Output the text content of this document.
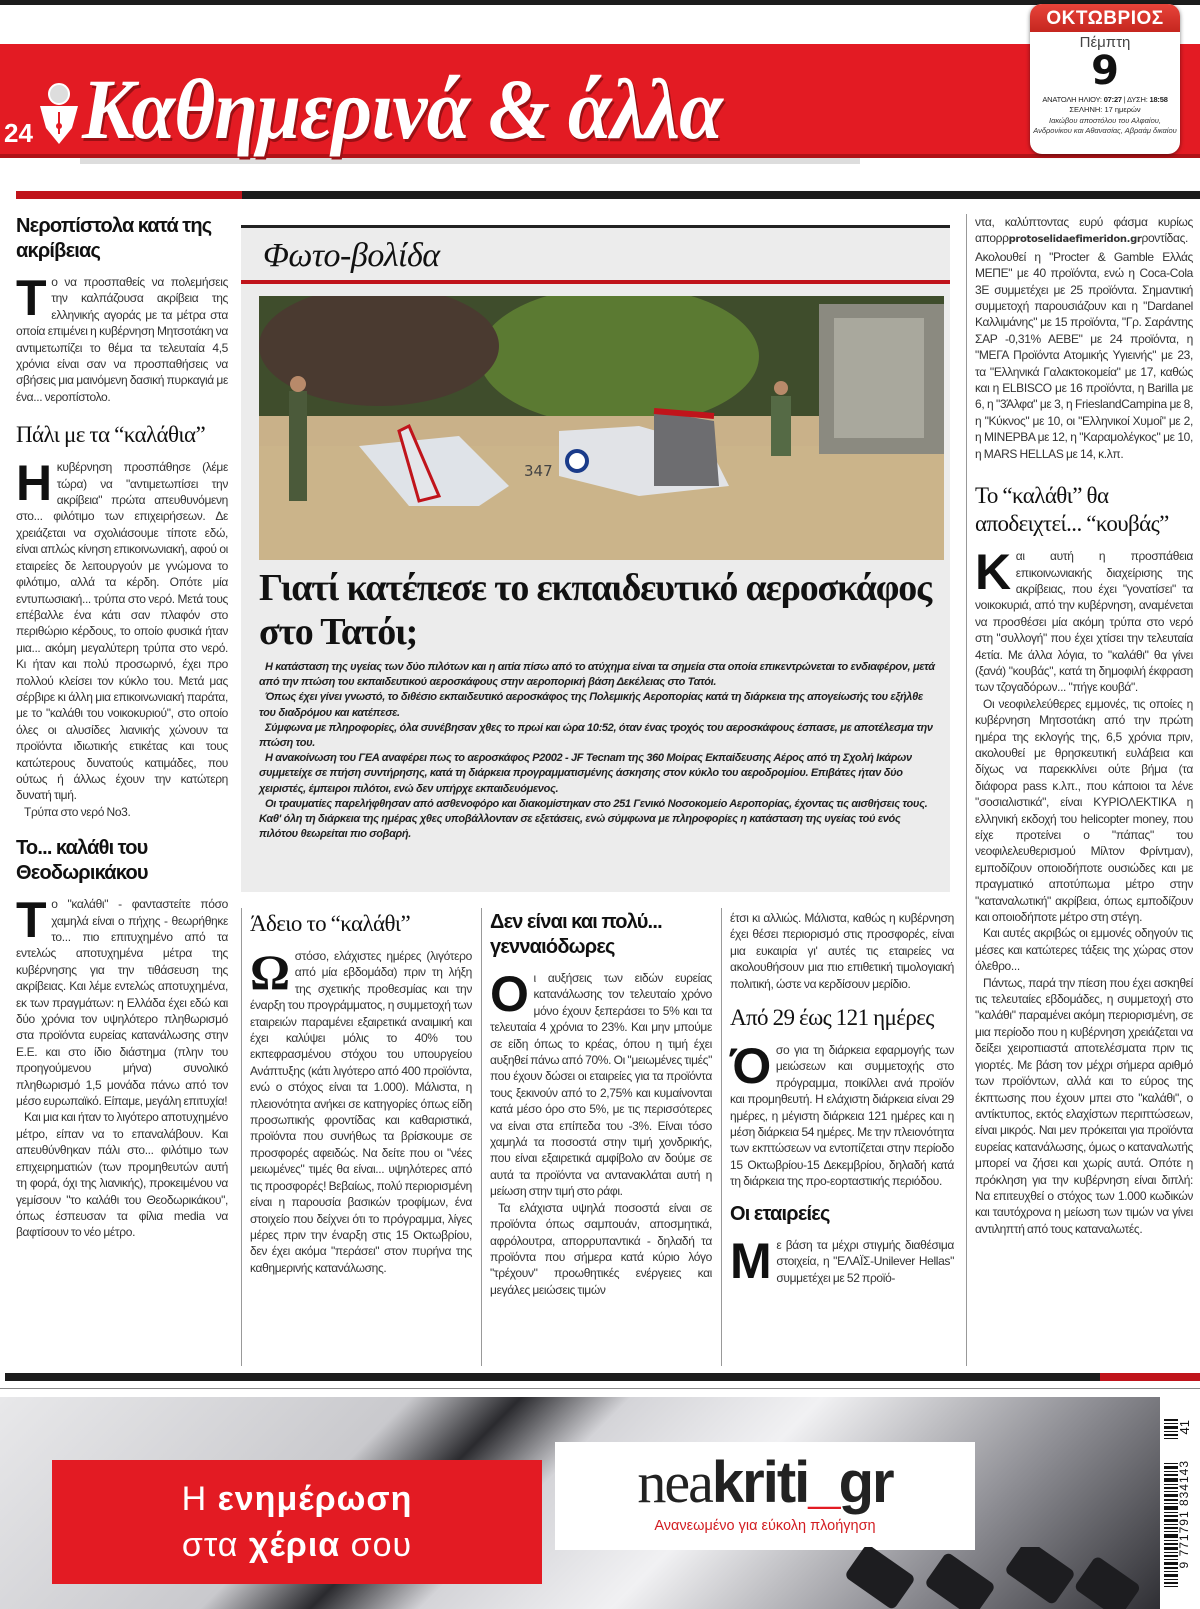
24 Καθημερινά & άλλα
ΟΚΤΩΒΡΙΟΣ
Πέμπτη
9
ΑΝΑΤΟΛΗ ΗΛΙΟΥ: 07:27 | ΔΥΣΗ: 18:58
ΣΕΛΗΝΗ: 17 ημερών
Ιακώβου αποστόλου του Αλφαίου, Ανδρονίκου και Αθανασίας, Αβραάμ δικαίου
Νεροπίστολα κατά της ακρίβειας

Το να προσπαθείς να πολεμήσεις την καλπάζουσα ακρίβεια της ελληνικής αγοράς με τα μέτρα στα οποία επιμένει η κυβέρνηση Μητσοτάκη να αντιμετωπίζει το θέμα τα τελευταία 4,5 χρόνια είναι σαν να προσπαθήσεις να σβήσεις μια μαινόμενη δασική πυρκαγιά με ένα... νεροπίστολο.

Πάλι με τα “καλάθια”

Ηκυβέρνηση προσπάθησε (λέμε τώρα) να "αντιμετωπίσει την ακρίβεια" πρώτα απευθυνόμενη στο... φιλότιμο των επιχειρήσεων. Δε χρειάζεται να σχολιάσουμε τίποτε εδώ, είναι απλώς κίνηση επικοινωνιακή, αφού οι εταιρείες δε λειτουργούν με γνώμονα το φιλότιμο, αλλά τα κέρδη. Οπότε μία εντυπωσιακή... τρύπα στο νερό. Μετά τους επέβαλλε ένα κάτι σαν πλαφόν στο περιθώριο κέρδους, το οποίο φυσικά ήταν μια... ακόμη μεγαλύτερη τρύπα στο νερό. Κι ήταν και πολύ προσωρινό, έχει προ πολλού κλείσει τον κύκλο του. Μετά μας σέρβιρε κι άλλη μια επικοινωνιακή παράτα, με το "καλάθι του νοικοκυριού", στο οποίο όλες οι αλυσίδες λιανικής χώνουν τα προϊόντα ιδιωτικής ετικέτας και τους κατώτερους δυνατούς κατιμάδες, που ούτως ή άλλως έχουν την κατώτερη δυνατή τιμή.

Τρύπα στο νερό Νο3.

Το... καλάθι του Θεοδωρικάκου

Το "καλάθι" - φανταστείτε πόσο χαμηλά είναι ο πήχης - θεωρήθηκε το... πιο επιτυχημένο από τα εντελώς αποτυχημένα μέτρα της κυβέρνησης για την τιθάσευση της ακρίβειας. Και λέμε εντελώς αποτυχημένα, εκ των πραγμάτων: η Ελλάδα έχει εδώ και δύο χρόνια τον υψηλότερο πληθωρισμό στα προϊόντα ευρείας κατανάλωσης στην Ε.Ε. και στο ίδιο διάστημα (πλην του προηγούμενου μήνα) συνολικό πληθωρισμό 1,5 μονάδα πάνω από τον μέσο ευρωπαϊκό. Είπαμε, μεγάλη επιτυχία!

Και μια και ήταν το λιγότερο αποτυχημένο μέτρο, είπαν να το επαναλάβουν. Και απευθύνθηκαν πάλι στο... φιλότιμο των επιχειρηματιών (των προμηθευτών αυτή τη φορά, όχι της λιανικής), προκειμένου να γεμίσουν "το καλάθι του Θεοδωρικάκου", όπως έσπευσαν τα φίλια media να βαφτίσουν το νέο μέτρο.

Φωτο-βολίδα
347
Γιατί κατέπεσε το εκπαιδευτικό αεροσκάφος στο Τατόι;

Η κατάσταση της υγείας των δύο πιλότων και η αιτία πίσω από το ατύχημα είναι τα σημεία στα οποία επικεντρώνεται το ενδιαφέρον, μετά από την πτώση του εκπαιδευτικού αεροσκάφους στην αεροπορική βάση Δεκέλειας στο Τατόι.

Όπως έχει γίνει γνωστό, το διθέσιο εκπαιδευτικό αεροσκάφος της Πολεμικής Αεροπορίας κατά τη διάρκεια της απογείωσής του εξήλθε του διαδρόμου και κατέπεσε.

Σύμφωνα με πληροφορίες, όλα συνέβησαν χθες το πρωί και ώρα 10:52, όταν ένας τροχός του αεροσκάφους έσπασε, με αποτέλεσμα την πτώση του.

Η ανακοίνωση του ΓΕΑ αναφέρει πως το αεροσκάφος P2002 - JF Tecnam της 360 Μοίρας Εκπαίδευσης Αέρος από τη Σχολή Ικάρων συμμετείχε σε πτήση συντήρησης, κατά τη διάρκεια προγραμματισμένης άσκησης στον κύκλο του αεροδρομίου. Επιβάτες ήταν δύο χειριστές, έμπειροι πιλότοι, ενώ δεν υπήρχε εκπαιδευόμενος.

Οι τραυματίες παρελήφθησαν από ασθενοφόρο και διακομίστηκαν στο 251 Γενικό Νοσοκομείο Αεροπορίας, έχοντας τις αισθήσεις τους. Καθ' όλη τη διάρκεια της ημέρας χθες υποβάλλονταν σε εξετάσεις, ενώ σύμφωνα με πληροφορίες η κατάσταση της υγείας τού ενός πιλότου θεωρείται πιο σοβαρή.

Άδειο το “καλάθι”

Ωστόσο, ελάχιστες ημέρες (λιγότερο από μία εβδομάδα) πριν τη λήξη της σχετικής προθεσμίας και την έναρξη του προγράμματος, η συμμετοχή των εταιρειών παραμένει εξαιρετικά αναιμική και έχει καλύψει μόλις το 40% του εκπεφρασμένου στόχου του υπουργείου Ανάπτυξης (κάτι λιγότερο από 400 προϊόντα, ενώ ο στόχος είναι τα 1.000). Μάλιστα, η πλειονότητα ανήκει σε κατηγορίες όπως είδη προσωπικής φροντίδας και καθαριστικά, προϊόντα που συνήθως τα βρίσκουμε σε προσφορές αφειδώς. Να δείτε που οι "νέες μειωμένες" τιμές θα είναι... υψηλότερες από τις προσφορές! Βεβαίως, πολύ περιορισμένη είναι η παρουσία βασικών τροφίμων, ένα στοιχείο που δείχνει ότι το πρόγραμμα, λίγες μέρες πριν την έναρξη στις 15 Οκτωβρίου, δεν έχει ακόμα "περάσει" στον πυρήνα της καθημερινής κατανάλωσης.

Δεν είναι και πολύ... γενναιόδωρες

Οι αυξήσεις των ειδών ευρείας κατανάλωσης τον τελευταίο χρόνο μόνο έχουν ξεπεράσει το 5% και τα τελευταία 4 χρόνια το 23%. Και μην μπούμε σε είδη όπως το κρέας, όπου η τιμή έχει αυξηθεί πάνω από 70%. Οι "μειωμένες τιμές" που έχουν δώσει οι εταιρείες για τα προϊόντα τους ξεκινούν από το 2,75% και κυμαίνονται κατά μέσο όρο στο 5%, με τις περισσότερες να είναι στα επίπεδα του -3%. Είναι τόσο χαμηλά τα ποσοστά στην τιμή χονδρικής, που είναι εξαιρετικά αμφίβολο αν δούμε σε αυτά τα προϊόντα να αντανακλάται αυτή η μείωση στην τιμή στο ράφι.

Τα ελάχιστα υψηλά ποσοστά είναι σε προϊόντα όπως σαμπουάν, αποσμητικά, αφρόλουτρα, απορρυπαντικά - δηλαδή τα προϊόντα που σήμερα κατά κύριο λόγο "τρέχουν" προωθητικές ενέργειες και μεγάλες μειώσεις τιμών

έτσι κι αλλιώς. Μάλιστα, καθώς η κυβέρνηση έχει θέσει περιορισμό στις προσφορές, είναι μια ευκαιρία γι' αυτές τις εταιρείες να ακολουθήσουν μια πιο επιθετική τιμολογιακή πολιτική, ώστε να κερδίσουν μερίδιο.

Από 29 έως 121 ημέρες

Όσο για τη διάρκεια εφαρμογής των μειώσεων και συμμετοχής στο πρόγραμμα, ποικίλλει ανά προϊόν και προμηθευτή. Η ελάχιστη διάρκεια είναι 29 ημέρες, η μέγιστη διάρκεια 121 ημέρες και η μέση διάρκεια 54 ημέρες. Με την πλειονότητα των εκπτώσεων να εντοπίζεται στην περίοδο 15 Οκτωβρίου-15 Δεκεμβρίου, δηλαδή κατά τη διάρκεια της προ-εορταστικής περιόδου.

Οι εταιρείες

Με βάση τα μέχρι στιγμής διαθέσιμα στοιχεία, η "ΕΛΑΪΣ-Unilever Hellas" συμμετέχει με 52 προϊό-

ντα, καλύπτοντας ευρύ φάσμα κυρίως απορρprotoselidaefimeridon.grροντίδας. Ακολουθεί η "Procter & Gamble Ελλάς ΜΕΠΕ" με 40 προϊόντα, ενώ η Coca-Cola 3E συμμετέχει με 25 προϊόντα. Σημαντική συμμετοχή παρουσιάζουν και η "Dardanel Καλλιμάνης" με 15 προϊόντα, "Γρ. Σαράντης ΣΑΡ -0,31% ΑΕΒΕ" με 24 προϊόντα, η "ΜΕΓΑ Προϊόντα Ατομικής Υγιεινής" με 23, τα "Ελληνικά Γαλακτοκομεία" με 17, καθώς και η ELBISCO με 16 προϊόντα, η Barilla με 6, η "3Άλφα" με 3, η FrieslandCampina με 8, η "Κύκνος" με 10, οι "Ελληνικοί Χυμοί" με 2, η ΜΙΝΕΡΒΑ με 12, η "Καραμολέγκος" με 10, η MARS HELLAS με 14, κ.λπ.

Το “καλάθι” θα αποδειχτεί... “κουβάς”

Και αυτή η προσπάθεια επικοινωνιακής διαχείρισης της ακρίβειας, που έχει "γονατίσει" τα νοικοκυριά, από την κυβέρνηση, αναμένεται να προσθέσει μία ακόμη τρύπα στο νερό στη "συλλογή" που έχει χτίσει την τελευταία 4ετία. Με άλλα λόγια, το "καλάθι" θα γίνει (ξανά) "κουβάς", κατά τη δημοφιλή έκφραση των τζογαδόρων... "πήγε κουβά".

Οι νεοφιλελεύθερες εμμονές, τις οποίες η κυβέρνηση Μητσοτάκη από την πρώτη ημέρα της εκλογής της, 6,5 χρόνια πριν, ακολουθεί με θρησκευτική ευλάβεια και δίχως να παρεκκλίνει ούτε βήμα (τα διάφορα pass κ.λπ., που κάποιοι τα λένε "σοσιαλιστικά", είναι ΚΥΡΙΟΛΕΚΤΙΚΑ η ελληνική εκδοχή του helicopter money, που είχε προτείνει ο "πάπας" του νεοφιλελευθερισμού Μίλτον Φρίντμαν), εμποδίζουν οποιοδήποτε ουσιώδες και με πραγματικό αποτύπωμα μέτρο στην "καταναλωτική" ακρίβεια, όπως εμποδίζουν και οποιοδήποτε μέτρο στη στέγη.

Και αυτές ακριβώς οι εμμονές οδηγούν τις μέσες και κατώτερες τάξεις της χώρας στον όλεθρο...

Πάντως, παρά την πίεση που έχει ασκηθεί τις τελευταίες εβδομάδες, η συμμετοχή στο "καλάθι" παραμένει ακόμη περιορισμένη, σε μια περίοδο που η κυβέρνηση χρειάζεται να δείξει χειροπιαστά αποτελέσματα πριν τις γιορτές. Με βάση τον μέχρι σήμερα αριθμό των προϊόντων, αλλά και το εύρος της έκπτωσης που έχουν μπει στο "καλάθι", ο αντίκτυπος, εκτός ελαχίστων περιπτώσεων, είναι μικρός. Ναι μεν πρόκειται για προϊόντα ευρείας κατανάλωσης, όμως ο καταναλωτής μπορεί να ζήσει και χωρίς αυτά. Οπότε η πρόκληση για την κυβέρνηση είναι διπλή: Να επιτευχθεί ο στόχος των 1.000 κωδικών και ταυτόχρονα η μείωση των τιμών να γίνει αντιληπτή από τους καταναλωτές.

Η ενημέρωση
στα χέρια σου
neakriti_gr
Ανανεωμένο για εύκολη πλοήγηση
41
9 771791 834143
